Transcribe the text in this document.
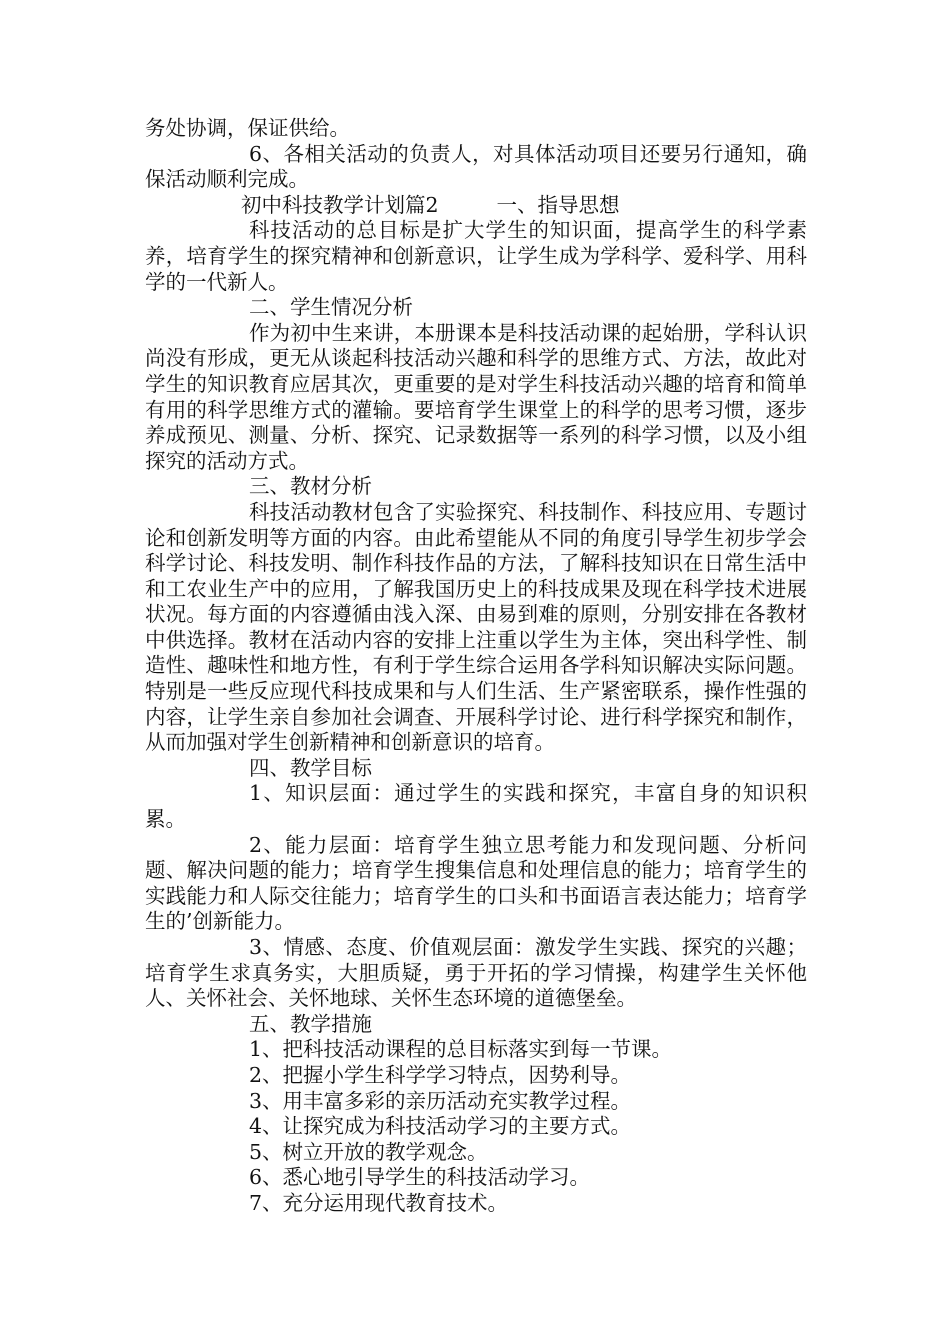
务处协调，保证供给。

6、各相关活动的负责人，对具体活动项目还要另行通知，确保活动顺利完成。

初中科技教学计划篇2	一、指导思想

科技活动的总目标是扩大学生的知识面，提高学生的科学素养，培育学生的探究精神和创新意识，让学生成为学科学、爱科学、用科学的一代新人。

二、学生情况分析

作为初中生来讲，本册课本是科技活动课的起始册，学科认识尚没有形成，更无从谈起科技活动兴趣和科学的思维方式、方法，故此对学生的知识教育应居其次，更重要的是对学生科技活动兴趣的培育和简单有用的科学思维方式的灌输。要培育学生课堂上的科学的思考习惯，逐步养成预见、测量、分析、探究、记录数据等一系列的科学习惯，以及小组探究的活动方式。

三、教材分析

科技活动教材包含了实验探究、科技制作、科技应用、专题讨论和创新发明等方面的内容。由此希望能从不同的角度引导学生初步学会科学讨论、科技发明、制作科技作品的方法，了解科技知识在日常生活中和工农业生产中的应用，了解我国历史上的科技成果及现在科学技术进展状况。每方面的内容遵循由浅入深、由易到难的原则，分别安排在各教材中供选择。教材在活动内容的安排上注重以学生为主体，突出科学性、制造性、趣味性和地方性，有利于学生综合运用各学科知识解决实际问题。特别是一些反应现代科技成果和与人们生活、生产紧密联系，操作性强的内容，让学生亲自参加社会调查、开展科学讨论、进行科学探究和制作，从而加强对学生创新精神和创新意识的培育。

四、教学目标

1、知识层面：通过学生的实践和探究，丰富自身的知识积累。

2、能力层面：培育学生独立思考能力和发现问题、分析问题、解决问题的能力；培育学生搜集信息和处理信息的能力；培育学生的实践能力和人际交往能力；培育学生的口头和书面语言表达能力；培育学生的’创新能力。

3、情感、态度、价值观层面：激发学生实践、探究的兴趣；培育学生求真务实，大胆质疑，勇于开拓的学习情操，构建学生关怀他人、关怀社会、关怀地球、关怀生态环境的道德堡垒。

五、教学措施

1、把科技活动课程的总目标落实到每一节课。

2、把握小学生科学学习特点，因势利导。

3、用丰富多彩的亲历活动充实教学过程。

4、让探究成为科技活动学习的主要方式。

5、树立开放的教学观念。

6、悉心地引导学生的科技活动学习。

7、充分运用现代教育技术。
